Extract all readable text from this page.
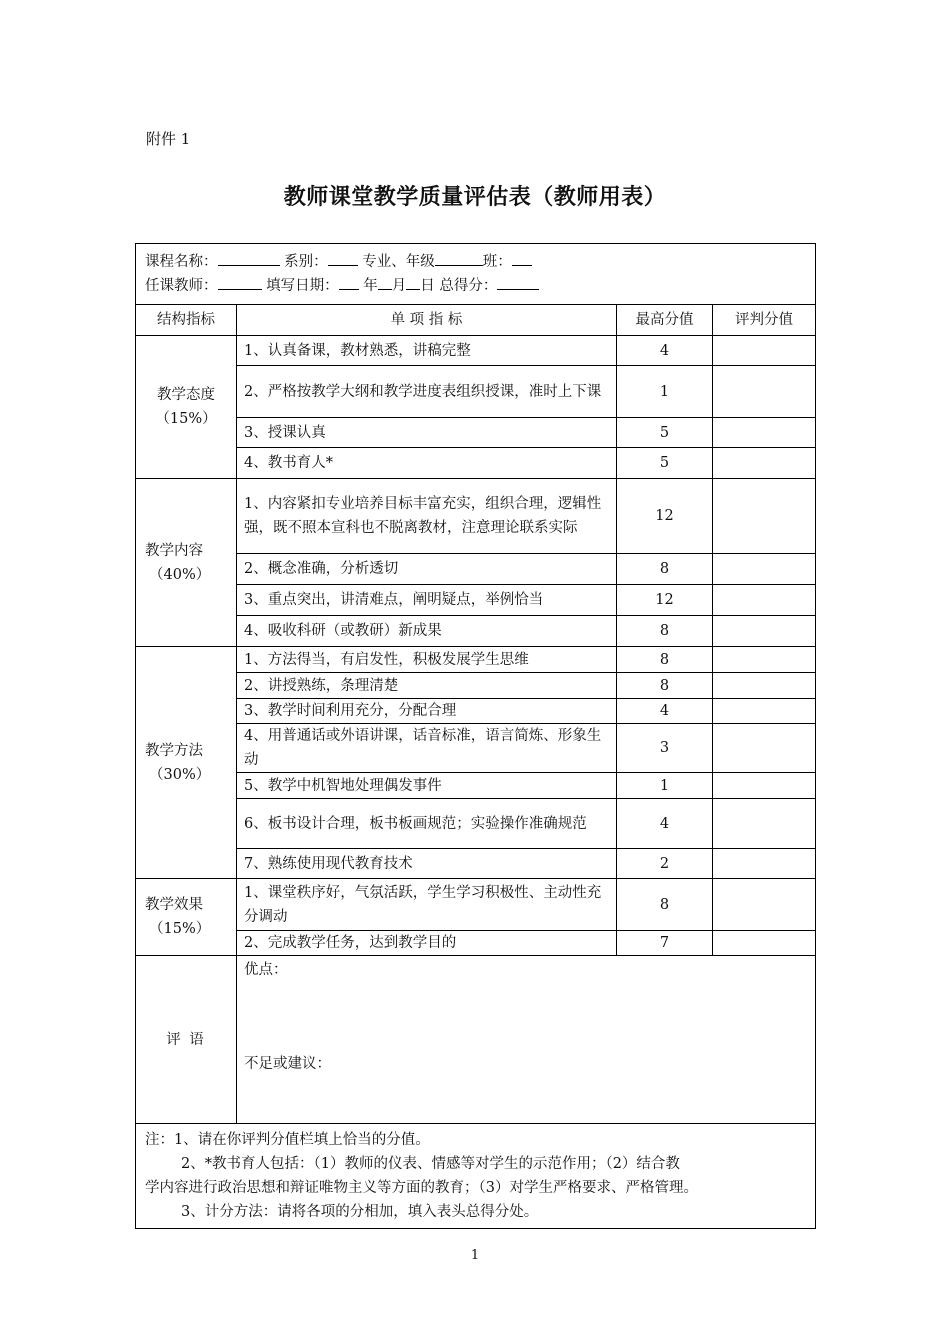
附件 1
教师课堂教学质量评估表（教师用表）
课程名称： 系别： 专业、年级 班：
任课教师： 填写日期： 年 月 日 总得分：			

结构指标	单 项 指 标	最高分值	评判分值

教学态度
（15%）	1、认真备课，教材熟悉，讲稿完整	4	
	2、严格按教学大纲和教学进度表组织授课，准时上下课	1	
	3、授课认真	5	
	4、教书育人*	5	

教学内容
（40%）	1、内容紧扣专业培养目标丰富充实，组织合理，逻辑性强，既不照本宣科也不脱离教材，注意理论联系实际	12	
	2、概念准确，分析透切	8	
	3、重点突出，讲清难点，阐明疑点，举例恰当	12	
	4、吸收科研（或教研）新成果	8	

教学方法
（30%）	1、方法得当，有启发性，积极发展学生思维	8	
	2、讲授熟练，条理清楚	8	
	3、教学时间利用充分，分配合理	4	
	4、用普通话或外语讲课，话音标准，语言简炼、形象生动	3	
	5、教学中机智地处理偶发事件	1	
	6、板书设计合理，板书板画规范；实验操作准确规范	4	
	7、熟练使用现代教育技术	2	

教学效果
（15%）	1、课堂秩序好，气氛活跃，学生学习积极性、主动性充分调动	8	
	2、完成教学任务，达到教学目的	7	
评 语	优点：
不足或建议：		

注：1、请在你评判分值栏填上恰当的分值。
2、*教书育人包括：（1）教师的仪表、情感等对学生的示范作用；（2）结合教
学内容进行政治思想和辩证唯物主义等方面的教育；（3）对学生严格要求、严格管理。
3、计分方法：请将各项的分相加，填入表头总得分处。			
1
